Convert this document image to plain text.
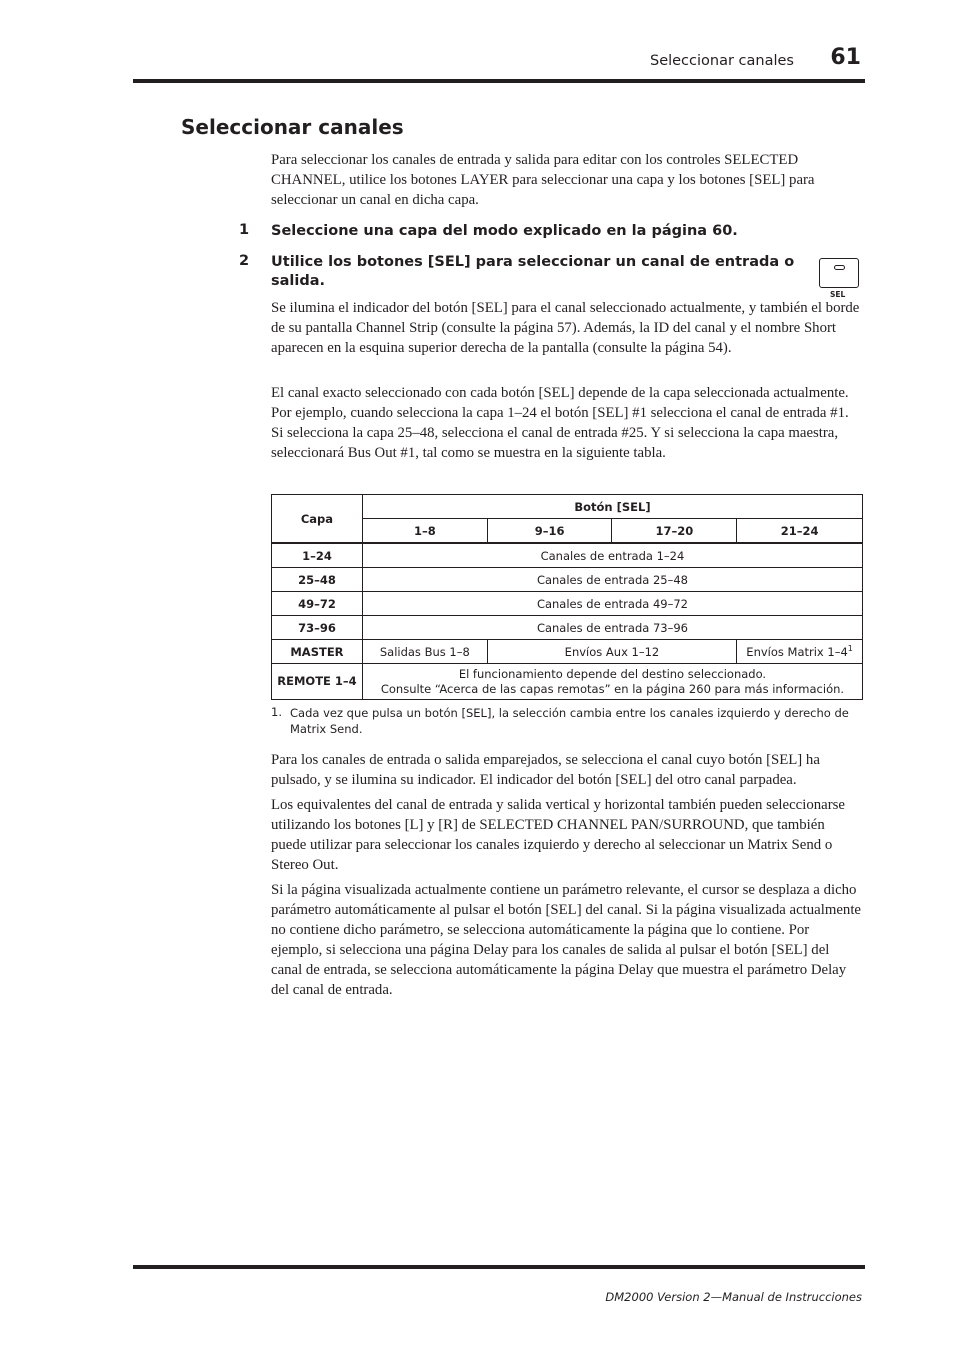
Seleccionar canales 61
Seleccionar canales

Para seleccionar los canales de entrada y salida para editar con los controles SELECTED CHANNEL, utilice los botones LAYER para seleccionar una capa y los botones [SEL] para seleccionar un canal en dicha capa.

1 Seleccione una capa del modo explicado en la página 60.

2 Utilice los botones [SEL] para seleccionar un canal de entrada o salida.

SEL

Se ilumina el indicador del botón [SEL] para el canal seleccionado actualmente, y también el borde de su pantalla Channel Strip (consulte la página 57). Además, la ID del canal y el nombre Short aparecen en la esquina superior derecha de la pantalla (consulte la página 54).

El canal exacto seleccionado con cada botón [SEL] depende de la capa seleccionada actualmente. Por ejemplo, cuando selecciona la capa 1–24 el botón [SEL] #1 selecciona el canal de entrada #1. Si selecciona la capa 25–48, selecciona el canal de entrada #25. Y si selecciona la capa maestra, seleccionará Bus Out #1, tal como se muestra en la siguiente tabla.

Capa	Botón [SEL]			
	1–8	9–16	17–20	21–24
1–24	Canales de entrada 1–24			
25–48	Canales de entrada 25–48			
49–72	Canales de entrada 49–72			
73–96	Canales de entrada 73–96			
MASTER	Salidas Bus 1–8	Envíos Aux 1–12		Envíos Matrix $1-4^1$
REMOTE 1–4	El funcionamiento depende del destino seleccionado.
Consulte “Acerca de las capas remotas” en la página 260 para más información.			
1. Cada vez que pulsa un botón [SEL], la selección cambia entre los canales izquierdo y derecho de Matrix Send.

Para los canales de entrada o salida emparejados, se selecciona el canal cuyo botón [SEL] ha pulsado, y se ilumina su indicador. El indicador del botón [SEL] del otro canal parpadea.

Los equivalentes del canal de entrada y salida vertical y horizontal también pueden seleccionarse utilizando los botones [L] y [R] de SELECTED CHANNEL PAN/SURROUND, que también puede utilizar para seleccionar los canales izquierdo y derecho al seleccionar un Matrix Send o Stereo Out.

Si la página visualizada actualmente contiene un parámetro relevante, el cursor se desplaza a dicho parámetro automáticamente al pulsar el botón [SEL] del canal. Si la página visualizada actualmente no contiene dicho parámetro, se selecciona automáticamente la página que lo contiene. Por ejemplo, si selecciona una página Delay para los canales de salida al pulsar el botón [SEL] del canal de entrada, se selecciona automáticamente la página Delay que muestra el parámetro Delay del canal de entrada.

DM2000 Version 2—Manual de Instrucciones
